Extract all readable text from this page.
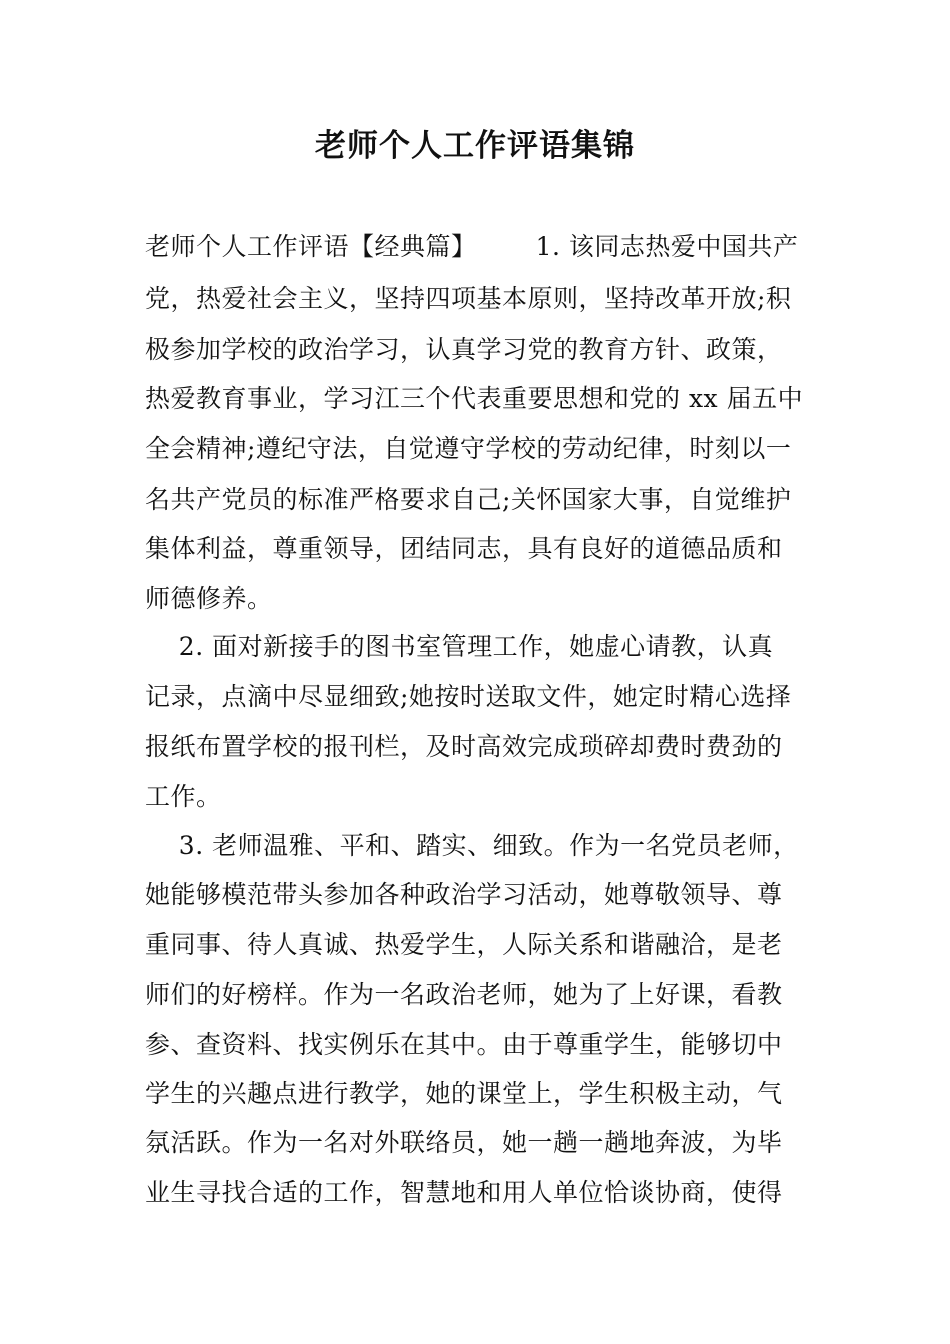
老师个人工作评语集锦
老师个人工作评语【经典篇】       1. 该同志热爱中国共产
党，热爱社会主义，坚持四项基本原则，坚持改革开放;积
极参加学校的政治学习，认真学习党的教育方针、政策，
热爱教育事业，学习江三个代表重要思想和党的 xx 届五中
全会精神;遵纪守法，自觉遵守学校的劳动纪律，时刻以一
名共产党员的标准严格要求自己;关怀国家大事，自觉维护
集体利益，尊重领导，团结同志，具有良好的道德品质和
师德修养。
2. 面对新接手的图书室管理工作，她虚心请教，认真
记录，点滴中尽显细致;她按时送取文件，她定时精心选择
报纸布置学校的报刊栏，及时高效完成琐碎却费时费劲的
工作。
3. 老师温雅、平和、踏实、细致。作为一名党员老师，
她能够模范带头参加各种政治学习活动，她尊敬领导、尊
重同事、待人真诚、热爱学生，人际关系和谐融洽，是老
师们的好榜样。作为一名政治老师，她为了上好课，看教
参、查资料、找实例乐在其中。由于尊重学生，能够切中
学生的兴趣点进行教学，她的课堂上，学生积极主动，气
氛活跃。作为一名对外联络员，她一趟一趟地奔波，为毕
业生寻找合适的工作，智慧地和用人单位恰谈协商，使得
